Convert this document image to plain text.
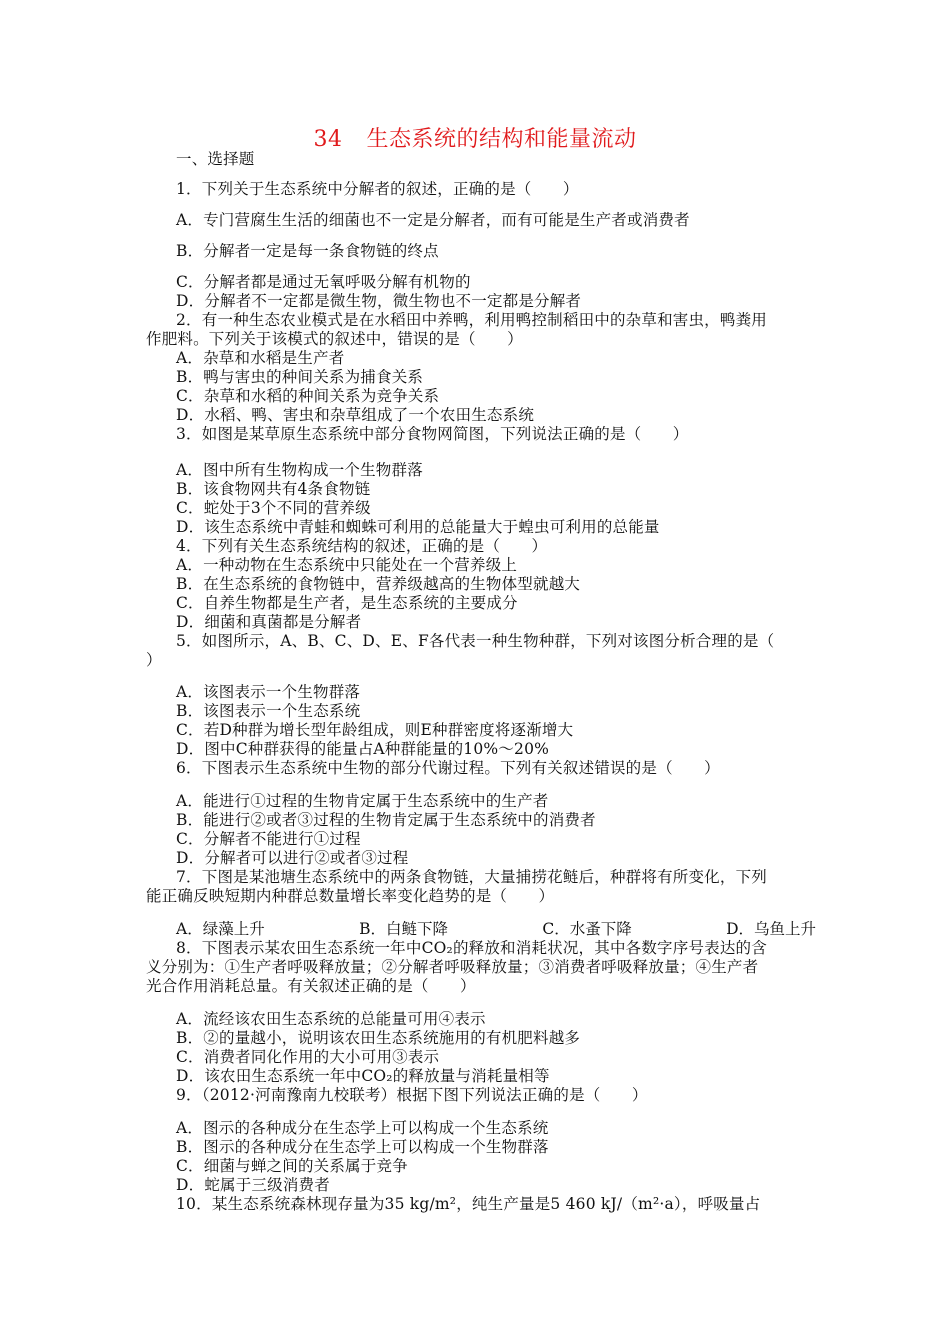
34 生态系统的结构和能量流动
一、选择题
1．下列关于生态系统中分解者的叙述，正确的是（　　）
A．专门营腐生生活的细菌也不一定是分解者，而有可能是生产者或消费者
B．分解者一定是每一条食物链的终点
C．分解者都是通过无氧呼吸分解有机物的
D．分解者不一定都是微生物，微生物也不一定都是分解者
2．有一种生态农业模式是在水稻田中养鸭，利用鸭控制稻田中的杂草和害虫，鸭粪用
作肥料。下列关于该模式的叙述中，错误的是（　　）
A．杂草和水稻是生产者
B．鸭与害虫的种间关系为捕食关系
C．杂草和水稻的种间关系为竞争关系
D．水稻、鸭、害虫和杂草组成了一个农田生态系统
3．如图是某草原生态系统中部分食物网简图，下列说法正确的是（　　）
A．图中所有生物构成一个生物群落
B．该食物网共有4条食物链
C．蛇处于3个不同的营养级
D．该生态系统中青蛙和蜘蛛可利用的总能量大于蝗虫可利用的总能量
4．下列有关生态系统结构的叙述，正确的是（　　）
A．一种动物在生态系统中只能处在一个营养级上
B．在生态系统的食物链中，营养级越高的生物体型就越大
C．自养生物都是生产者，是生态系统的主要成分
D．细菌和真菌都是分解者
5．如图所示，A、B、C、D、E、F各代表一种生物种群，下列对该图分析合理的是（
）
A．该图表示一个生物群落
B．该图表示一个生态系统
C．若D种群为增长型年龄组成，则E种群密度将逐渐增大
D．图中C种群获得的能量占A种群能量的10%～20%
6．下图表示生态系统中生物的部分代谢过程。下列有关叙述错误的是（　　）
A．能进行①过程的生物肯定属于生态系统中的生产者
B．能进行②或者③过程的生物肯定属于生态系统中的消费者
C．分解者不能进行①过程
D．分解者可以进行②或者③过程
7．下图是某池塘生态系统中的两条食物链，大量捕捞花鲢后，种群将有所变化，下列
能正确反映短期内种群总数量增长率变化趋势的是（　　）
A．绿藻上升	B．白鲢下降	C．水蚤下降	D．乌鱼上升
8．下图表示某农田生态系统一年中CO₂的释放和消耗状况，其中各数字序号表达的含
义分别为：①生产者呼吸释放量；②分解者呼吸释放量；③消费者呼吸释放量；④生产者
光合作用消耗总量。有关叙述正确的是（　　）
A．流经该农田生态系统的总能量可用④表示
B．②的量越小，说明该农田生态系统施用的有机肥料越多
C．消费者同化作用的大小可用③表示
D．该农田生态系统一年中CO₂的释放量与消耗量相等
9．（2012·河南豫南九校联考）根据下图下列说法正确的是（　　）
A．图示的各种成分在生态学上可以构成一个生态系统
B．图示的各种成分在生态学上可以构成一个生物群落
C．细菌与蝉之间的关系属于竞争
D．蛇属于三级消费者
10．某生态系统森林现存量为35 kg/m²，纯生产量是5 460 kJ/（m²·a），呼吸量占
